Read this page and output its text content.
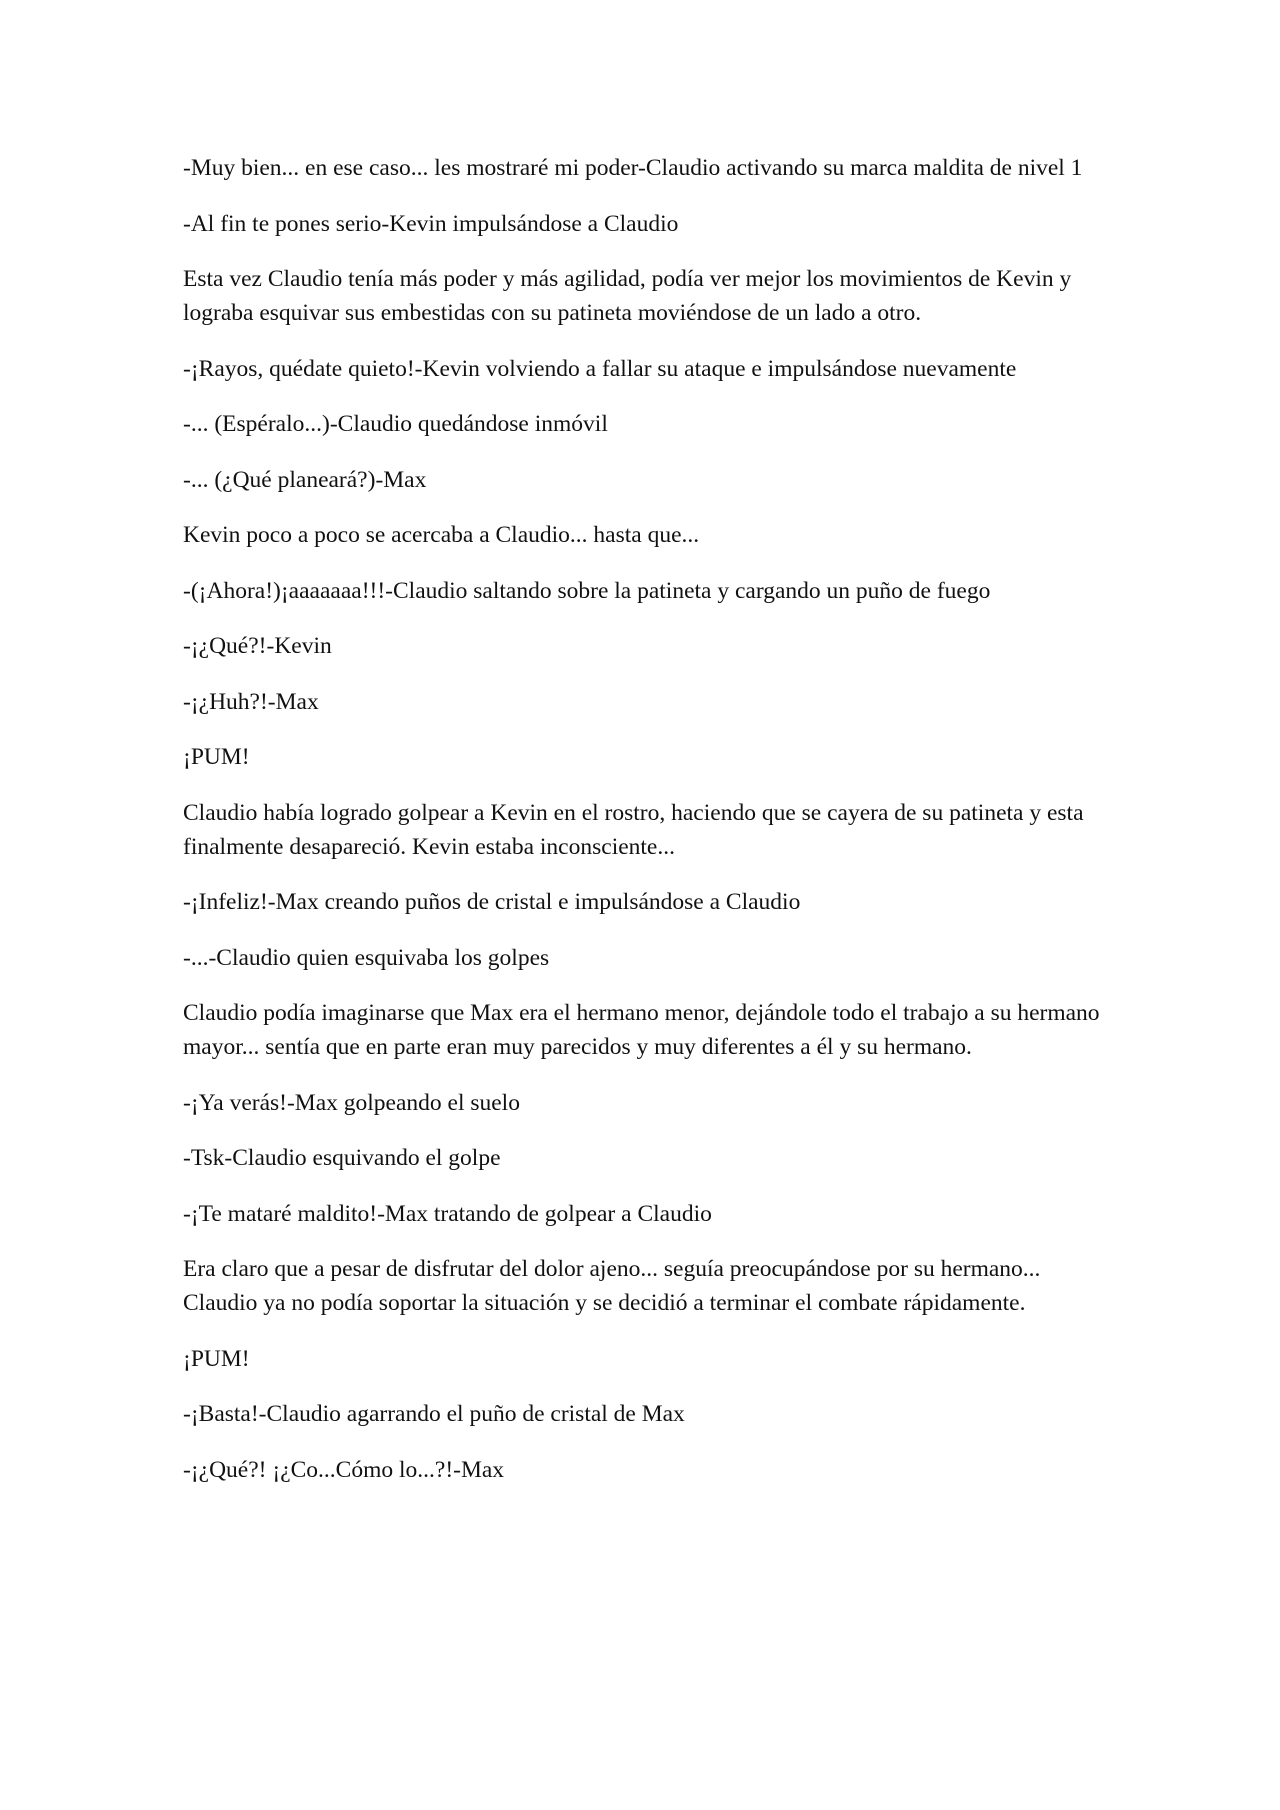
-Muy bien... en ese caso... les mostraré mi poder-Claudio activando su marca maldita de nivel 1

-Al fin te pones serio-Kevin impulsándose a Claudio

Esta vez Claudio tenía más poder y más agilidad, podía ver mejor los movimientos de Kevin y lograba esquivar sus embestidas con su patineta moviéndose de un lado a otro.

-¡Rayos, quédate quieto!-Kevin volviendo a fallar su ataque e impulsándose nuevamente

-... (Espéralo...)-Claudio quedándose inmóvil

-... (¿Qué planeará?)-Max

Kevin poco a poco se acercaba a Claudio... hasta que...

-(¡Ahora!)¡aaaaaaa!!!-Claudio saltando sobre la patineta y cargando un puño de fuego

-¡¿Qué?!-Kevin

-¡¿Huh?!-Max

¡PUM!

Claudio había logrado golpear a Kevin en el rostro, haciendo que se cayera de su patineta y esta finalmente desapareció. Kevin estaba inconsciente...

-¡Infeliz!-Max creando puños de cristal e impulsándose a Claudio

-...-Claudio quien esquivaba los golpes

Claudio podía imaginarse que Max era el hermano menor, dejándole todo el trabajo a su hermano mayor... sentía que en parte eran muy parecidos y muy diferentes a él y su hermano.

-¡Ya verás!-Max golpeando el suelo

-Tsk-Claudio esquivando el golpe

-¡Te mataré maldito!-Max tratando de golpear a Claudio

Era claro que a pesar de disfrutar del dolor ajeno... seguía preocupándose por su hermano... Claudio ya no podía soportar la situación y se decidió a terminar el combate rápidamente.

¡PUM!

-¡Basta!-Claudio agarrando el puño de cristal de Max

-¡¿Qué?! ¡¿Co...Cómo lo...?!-Max
